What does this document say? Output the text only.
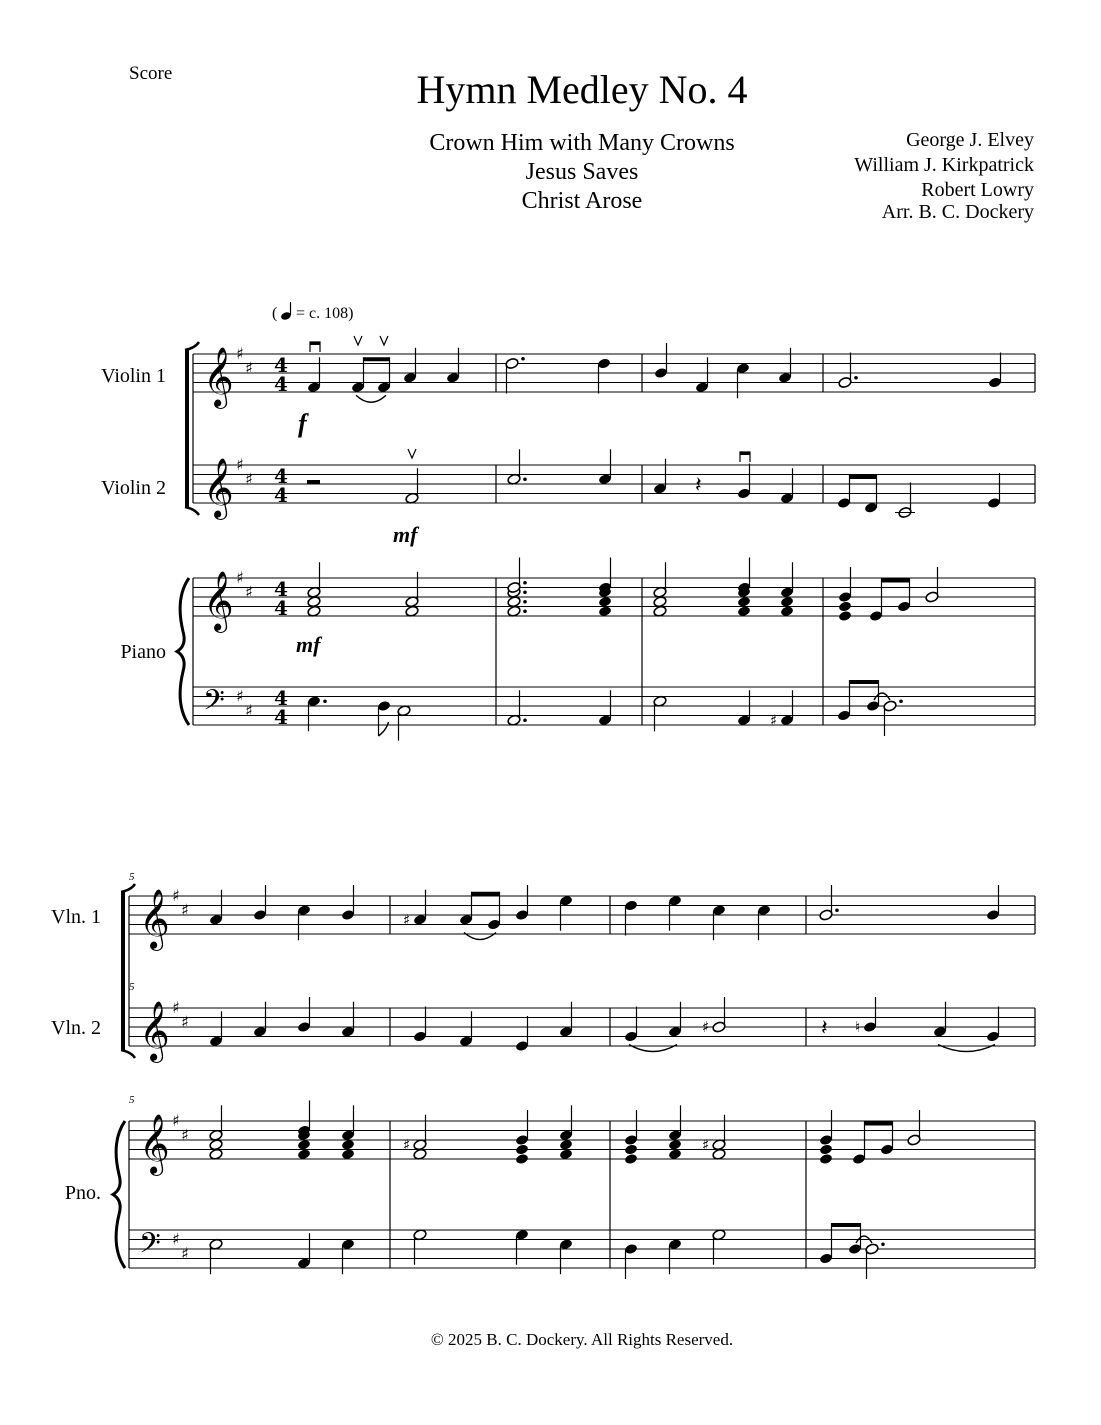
Score	Hymn Medley No. 4
Crown Him with Many Crowns
Jesus Saves
Christ Arose
George J. Elvey
William J. Kirkpatrick
Robert Lowry
Arr. B. C. Dockery
Violin 1
Violin 2
Piano
Vln. 1
Vln. 2
Pno.
© 2025 B. C. Dockery. All Rights Reserved.
( = c. 108)
5
5
5
f
mf
mf
𝄞 ♯
♯ 4
4
𝄞 ♯
♯ 4
4
𝄞 ♯
♯ 4
4
𝄢 ♯
♯
4
4
𝄽
♯
𝄞 ♯
♯
𝄞 ♯
♯
𝄞 ♯
♯
𝄢 ♯
♯
♯
♯	𝄽 ♮
♯	♯
